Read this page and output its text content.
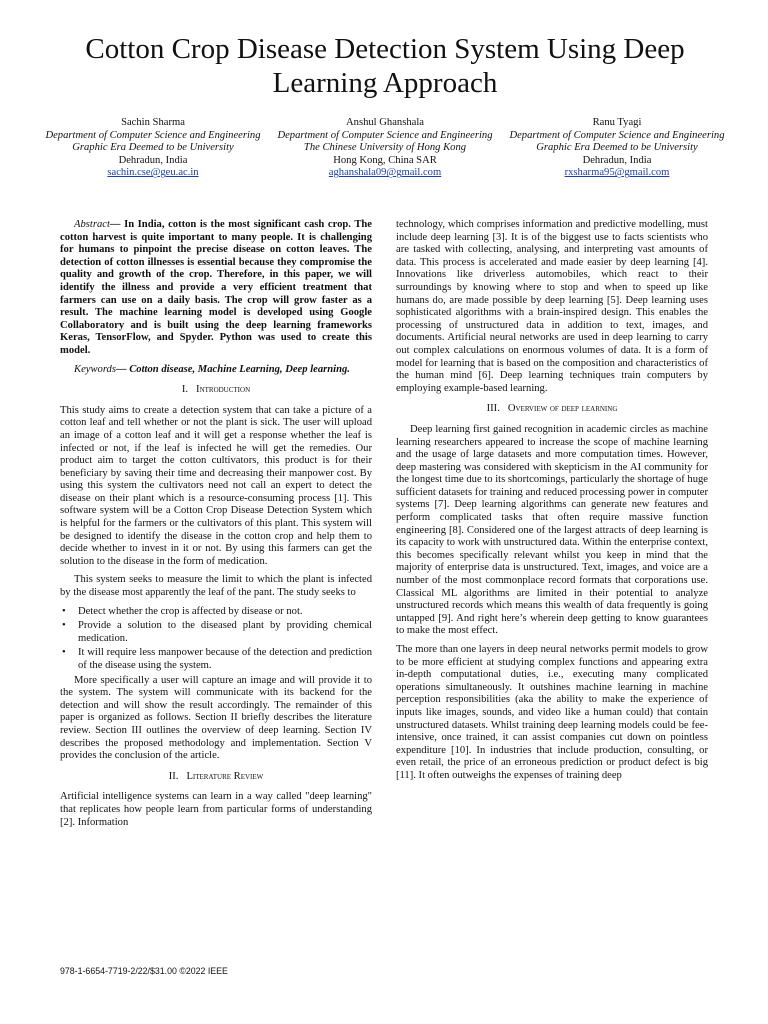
Cotton Crop Disease Detection System Using Deep Learning Approach
Sachin Sharma
Department of Computer Science and Engineering
Graphic Era Deemed to be University
Dehradun, India
sachin.cse@geu.ac.in
Anshul Ghanshala
Department of Computer Science and Engineering
The Chinese University of Hong Kong
Hong Kong, China SAR
aghanshala09@gmail.com
Ranu Tyagi
Department of Computer Science and Engineering
Graphic Era Deemed to be University
Dehradun, India
rxsharma95@gmail.com

Abstract— In India, cotton is the most significant cash crop. The cotton harvest is quite important to many people. It is challenging for humans to pinpoint the precise disease on cotton leaves. The detection of cotton illnesses is essential because they compromise the quality and growth of the crop. Therefore, in this paper, we will identify the illness and provide a very efficient treatment that farmers can use on a daily basis. The crop will grow faster as a result. The machine learning model is developed using Google Collaboratory and is built using the deep learning frameworks Keras, TensorFlow, and Spyder. Python was used to create this model.

Keywords— Cotton disease, Machine Learning, Deep learning.

I. Introduction

This study aims to create a detection system that can take a picture of a cotton leaf and tell whether or not the plant is sick. The user will upload an image of a cotton leaf and it will get a response whether the leaf is infected or not, if the leaf is infected he will get the remedies. Our product aim to target the cotton cultivators, this product is for their beneficiary by saving their time and decreasing their manpower cost. By using this system the cultivators need not call an expert to detect the disease on their plant which is a resource-consuming process [1]. This software system will be a Cotton Crop Disease Detection System which is helpful for the farmers or the cultivators of this plant. This system will be designed to identify the disease in the cotton crop and help them to decide whether to invest in it or not. By using this farmers can get the solution to the disease in the form of medication.

This system seeks to measure the limit to which the plant is infected by the disease most apparently the leaf of the pant. The study seeks to

• Detect whether the crop is affected by disease or not.
• Provide a solution to the diseased plant by providing chemical medication.
• It will require less manpower because of the detection and prediction of the disease using the system.

More specifically a user will capture an image and will provide it to the system. The system will communicate with its backend for the detection and will show the result accordingly. The remainder of this paper is organized as follows. Section II briefly describes the literature review. Section III outlines the overview of deep learning. Section IV describes the proposed methodology and implementation. Section V provides the conclusion of the article.

II. Literature Review

Artificial intelligence systems can learn in a way called "deep learning" that replicates how people learn from particular forms of understanding [2]. Information

technology, which comprises information and predictive modelling, must include deep learning [3]. It is of the biggest use to facts scientists who are tasked with collecting, analysing, and interpreting vast amounts of data. This process is accelerated and made easier by deep learning [4]. Innovations like driverless automobiles, which react to their surroundings by knowing where to stop and when to speed up like humans do, are made possible by deep learning [5]. Deep learning uses sophisticated algorithms with a brain-inspired design. This enables the processing of unstructured data in addition to text, images, and documents. Artificial neural networks are used in deep learning to carry out complex calculations on enormous volumes of data. It is a form of model for learning that is based on the composition and characteristics of the human mind [6]. Deep learning techniques train computers by employing example-based learning.

III. Overview of deep learning

Deep learning first gained recognition in academic circles as machine learning researchers appeared to increase the scope of machine learning and the usage of large datasets and more computation times. However, deep mastering was considered with skepticism in the AI community for the longest time due to its shortcomings, particularly the shortage of huge sufficient datasets for training and reduced processing power in computer systems [7]. Deep learning algorithms can generate new features and perform complicated tasks that often require massive function engineering [8]. Considered one of the largest attracts of deep learning is its capacity to work with unstructured data. Within the enterprise context, this becomes specifically relevant whilst you keep in mind that the majority of enterprise data is unstructured. Text, images, and voice are a number of the most commonplace record formats that corporations use. Classical ML algorithms are limited in their potential to analyze unstructured records which means this wealth of data frequently is going untapped [9]. And right here’s wherein deep getting to know guarantees to make the most effect.

The more than one layers in deep neural networks permit models to grow to be more efficient at studying complex functions and appearing extra in-depth computational duties, i.e., executing many complicated operations simultaneously. It outshines machine learning in machine perception responsibilities (aka the ability to make the experience of inputs like images, sounds, and video like a human could) that contain unstructured datasets. Whilst training deep learning models could be fee-intensive, once trained, it can assist companies cut down on pointless expenditure [10]. In industries that include production, consulting, or even retail, the price of an erroneous prediction or product defect is big [11]. It often outweighs the expenses of training deep

978-1-6654-7719-2/22/$31.00 ©2022 IEEE
